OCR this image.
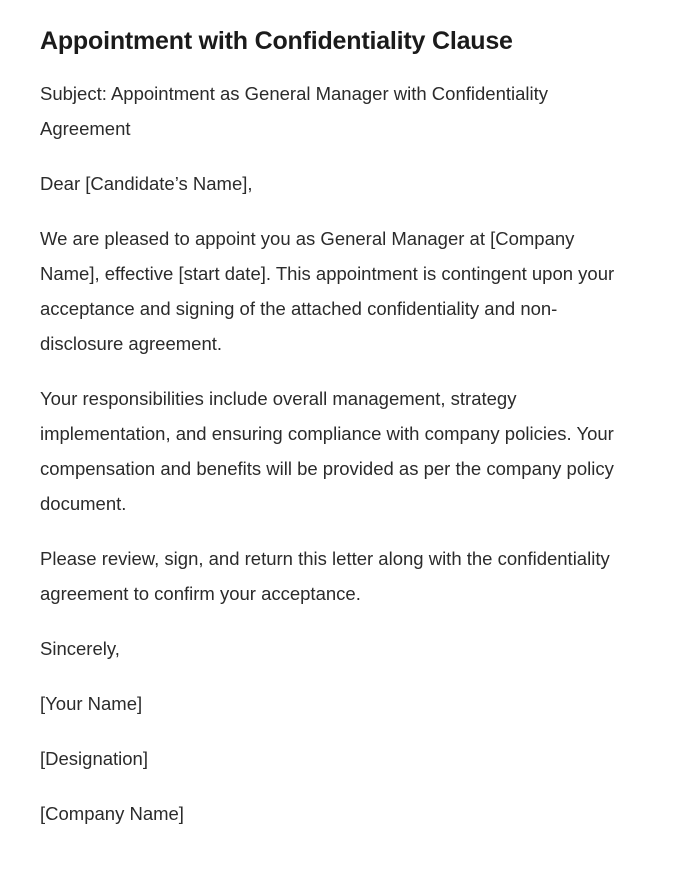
Appointment with Confidentiality Clause

Subject: Appointment as General Manager with Confidentiality Agreement

Dear [Candidate’s Name],

We are pleased to appoint you as General Manager at [Company Name], effective [start date]. This appointment is contingent upon your acceptance and signing of the attached confidentiality and non-disclosure agreement.

Your responsibilities include overall management, strategy implementation, and ensuring compliance with company policies. Your compensation and benefits will be provided as per the company policy document.

Please review, sign, and return this letter along with the confidentiality agreement to confirm your acceptance.

Sincerely,

[Your Name]

[Designation]

[Company Name]
